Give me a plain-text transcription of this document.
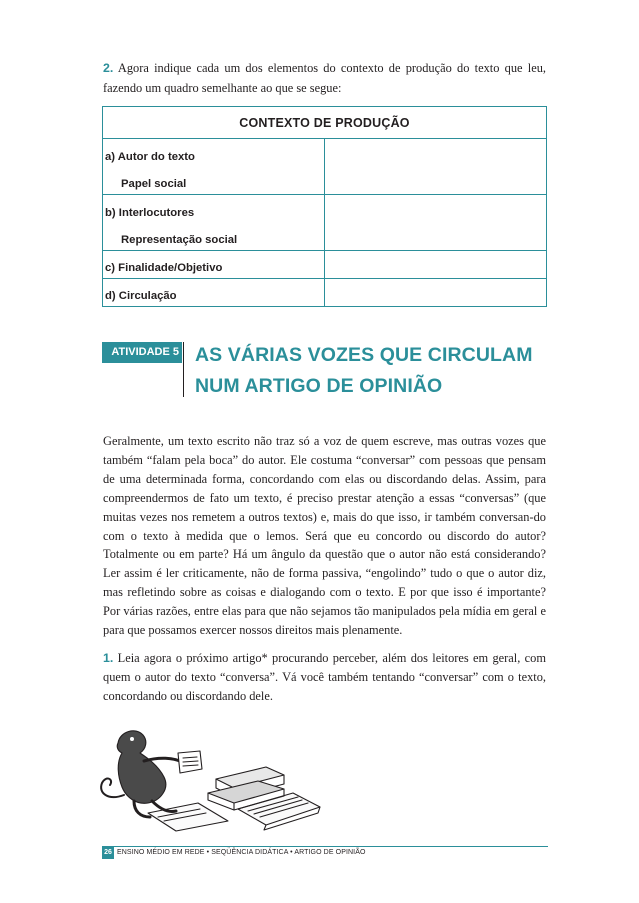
2. Agora indique cada um dos elementos do contexto de produção do texto que leu, fazendo um quadro semelhante ao que se segue:
CONTEXTO DE PRODUÇÃO	

a) Autor do texto
Papel social	

b) Interlocutores
Representação social	

c) Finalidade/Objetivo	

d) Circulação	

ATIVIDADE 5 AS VÁRIAS VOZES QUE CIRCULAM
NUM ARTIGO DE OPINIÃO
Geralmente, um texto escrito não traz só a voz de quem escreve, mas outras vozes que também “falam pela boca” do autor. Ele costuma “conversar” com pessoas que pensam de uma determinada forma, concordando com elas ou discordando delas. Assim, para compreendermos de fato um texto, é preciso prestar atenção a essas “conversas” (que muitas vezes nos remetem a outros textos) e, mais do que isso, ir também conversan-do com o texto à medida que o lemos. Será que eu concordo ou discordo do autor? Totalmente ou em parte? Há um ângulo da questão que o autor não está considerando? Ler assim é ler criticamente, não de forma passiva, “engolindo” tudo o que o autor diz, mas refletindo sobre as coisas e dialogando com o texto. E por que isso é importante? Por várias razões, entre elas para que não sejamos tão manipulados pela mídia em geral e para que possamos exercer nossos direitos mais plenamente.
1. Leia agora o próximo artigo* procurando perceber, além dos leitores em geral, com quem o autor do texto “conversa”. Vá você também tentando “conversar” com o texto, concordando ou discordando dele.
26 ENSINO MÉDIO EM REDE • SEQÜÊNCIA DIDÁTICA • ARTIGO DE OPINIÃO
